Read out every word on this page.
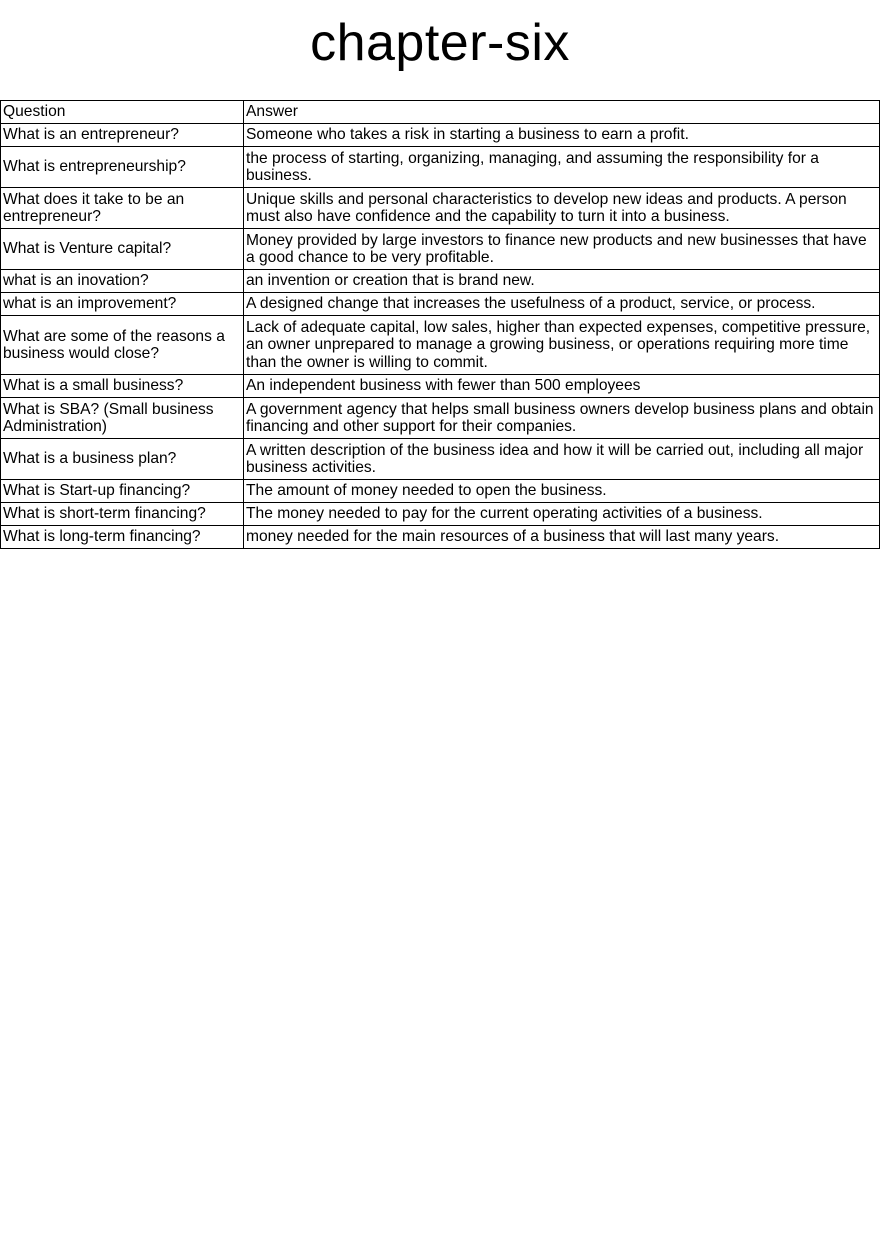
chapter-six
Question	Answer
What is an entrepreneur?	Someone who takes a risk in starting a business to earn a profit.
What is entrepreneurship?	the process of starting, organizing, managing, and assuming the responsibility for a business.
What does it take to be an entrepreneur?	Unique skills and personal characteristics to develop new ideas and products. A person must also have confidence and the capability to turn it into a business.
What is Venture capital?	Money provided by large investors to finance new products and new businesses that have a good chance to be very profitable.
what is an inovation?	an invention or creation that is brand new.
what is an improvement?	A designed change that increases the usefulness of a product, service, or process.
What are some of the reasons a business would close?	Lack of adequate capital, low sales, higher than expected expenses, competitive pressure, an owner unprepared to manage a growing business, or operations requiring more time than the owner is willing to commit.
What is a small business?	An independent business with fewer than 500 employees
What is SBA? (Small business Administration)	A government agency that helps small business owners develop business plans and obtain financing and other support for their companies.
What is a business plan?	A written description of the business idea and how it will be carried out, including all major business activities.
What is Start-up financing?	The amount of money needed to open the business.
What is short-term financing?	The money needed to pay for the current operating activities of a business.
What is long-term financing?	money needed for the main resources of a business that will last many years.
